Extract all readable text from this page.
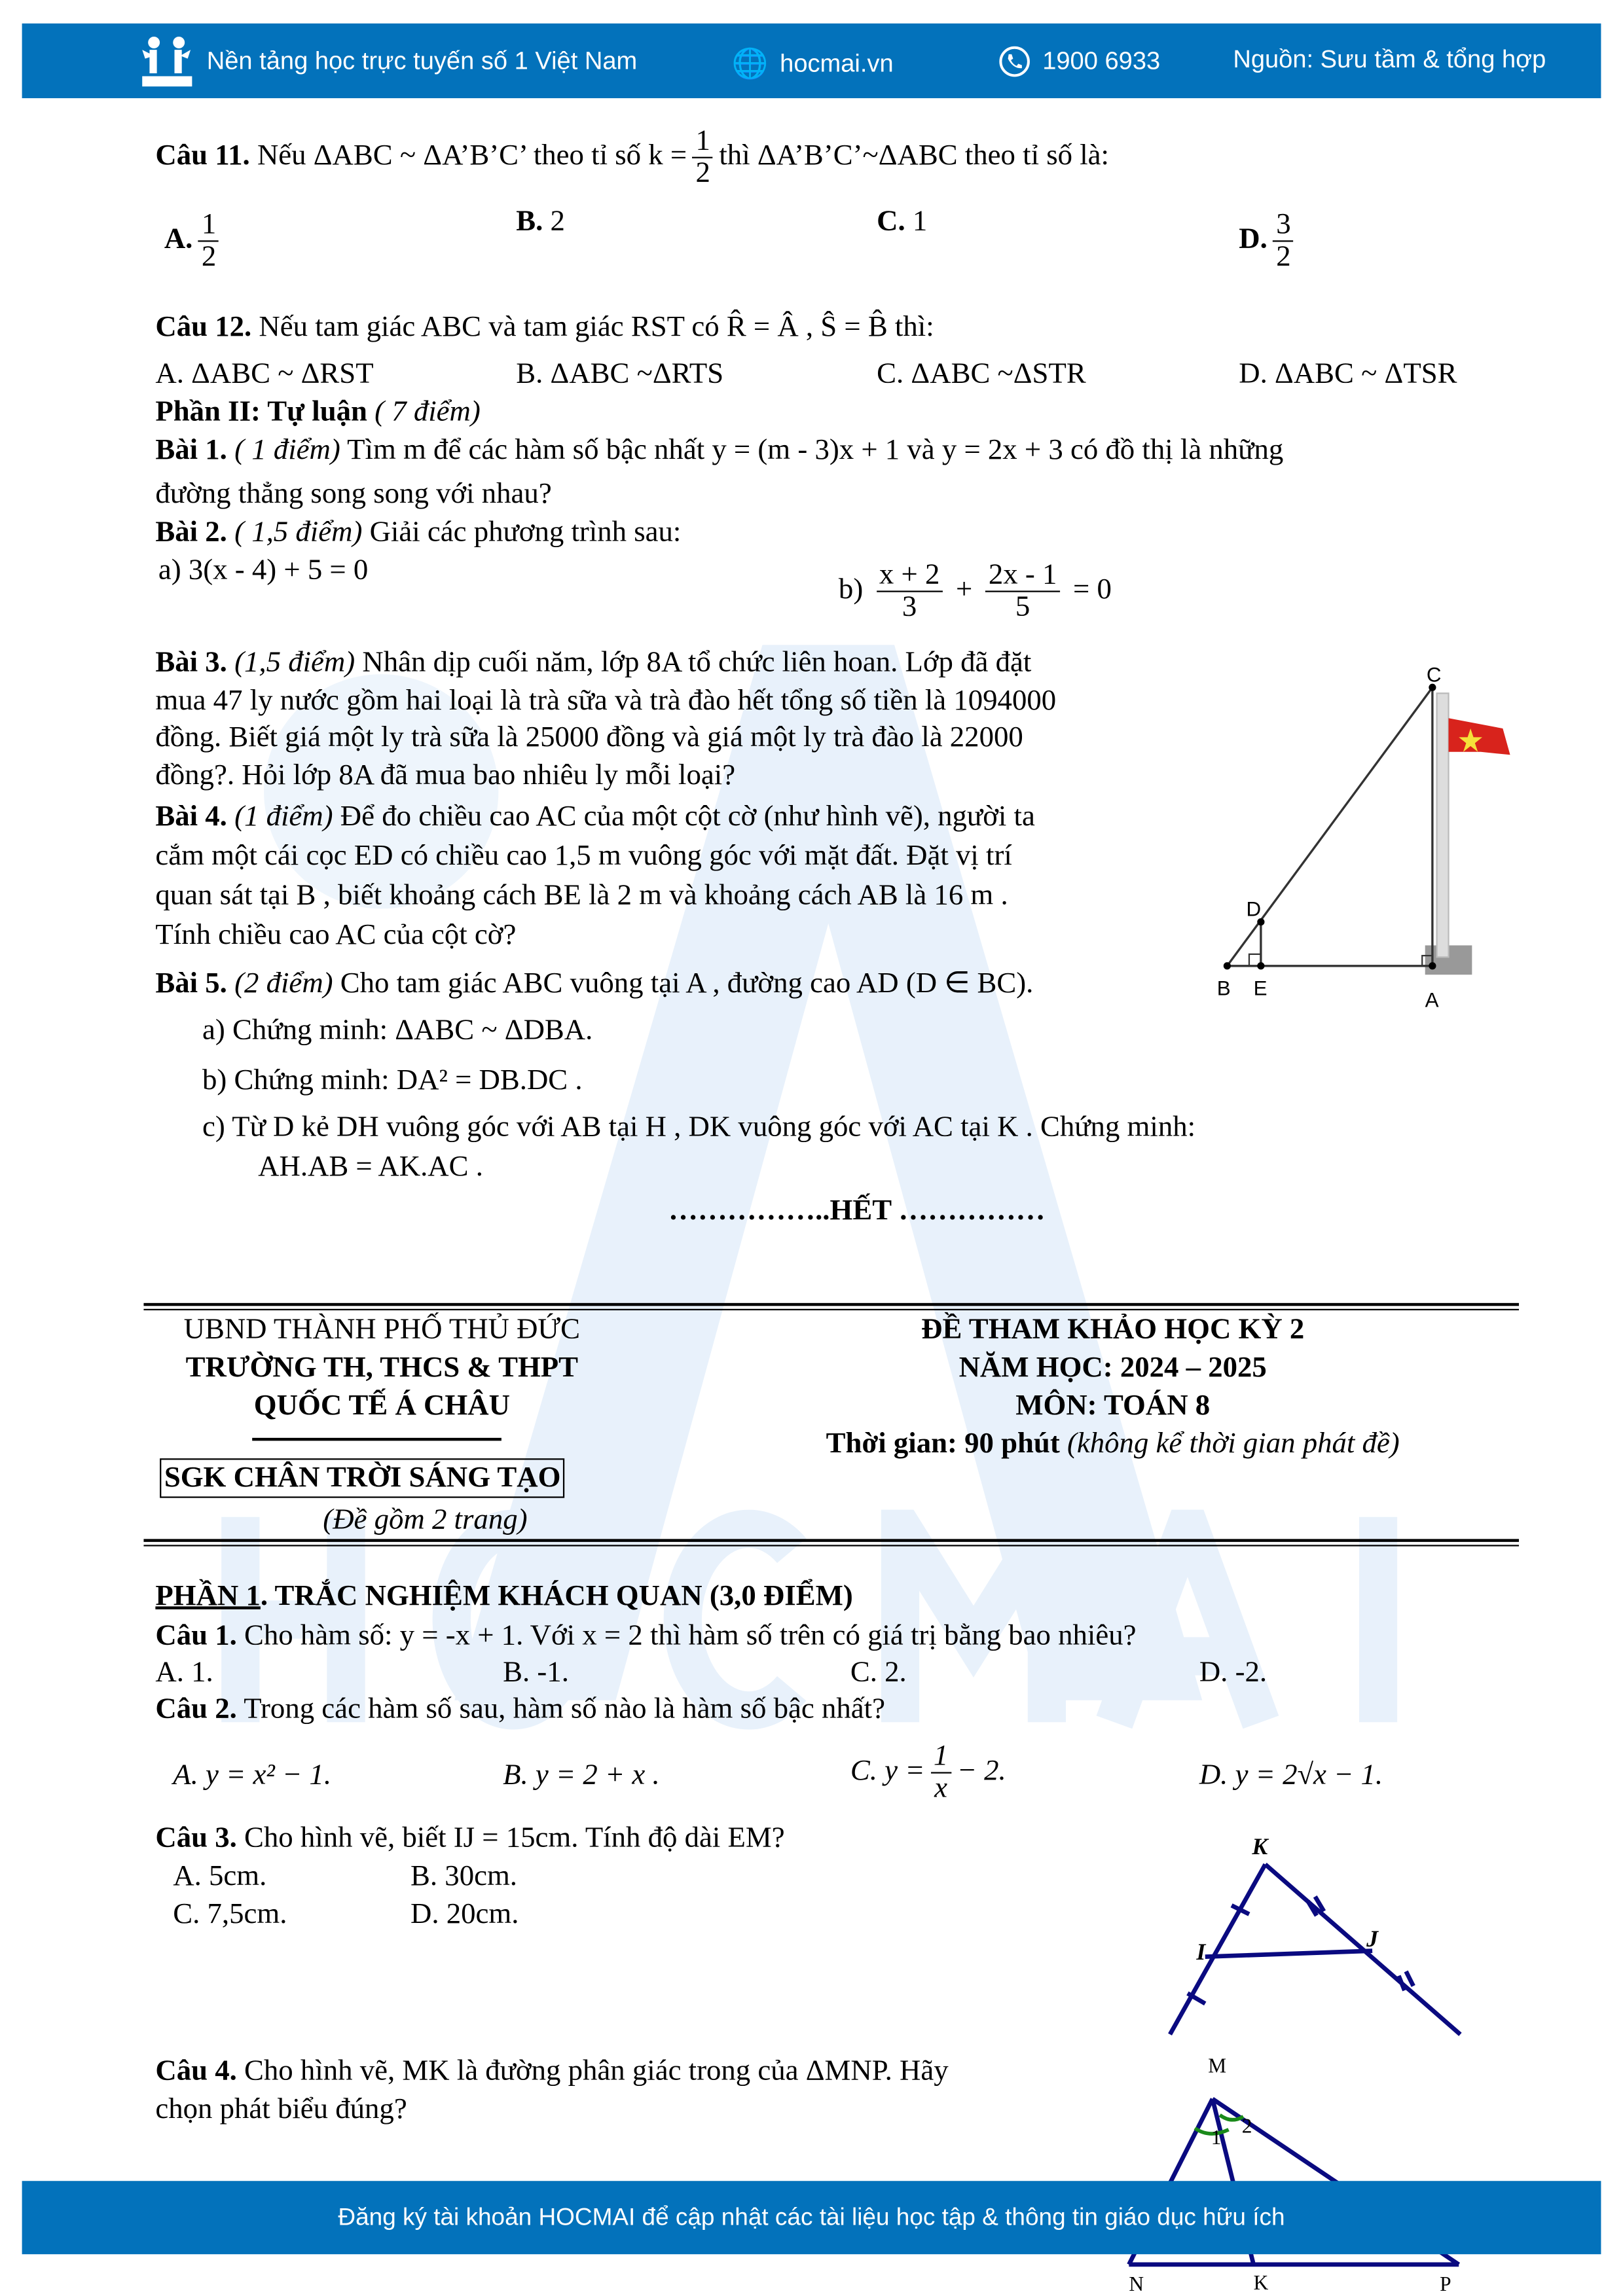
Nền tảng học trực tuyến số 1 Việt Nam	🌐 hocmai.vn	1900 6933	Nguồn: Sưu tầm & tổng hợp
Câu 11. Nếu ΔABC ~ ΔA’B’C’ theo tỉ số $k = \frac{1}{2}$ thì ΔA’B’C’~ΔABC theo tỉ số là:
A. $\frac{1}{2}$	B. 2	C. 1
D. $\frac{3}{2}$
Câu 12. Nếu tam giác ABC và tam giác RST có R̂ = Â , Ŝ = B̂ thì:
A. ΔABC ~ ΔRST	B. ΔABC ~ΔRTS	C. ΔABC ~ΔSTR	D. ΔABC ~ ΔTSR
Phần II: Tự luận ( 7 điểm)
Bài 1. ( 1 điểm) Tìm m để các hàm số bậc nhất y = (m - 3)x + 1 và y = 2x + 3 có đồ thị là những
đường thẳng song song với nhau?
Bài 2. ( 1,5 điểm) Giải các phương trình sau:
a) 3(x - 4) + 5 = 0
$b) \frac{x + 2}{3} + \frac{2x - 1}{5} = 0$
Bài 3. (1,5 điểm) Nhân dịp cuối năm, lớp 8A tổ chức liên hoan. Lớp đã đặt
mua 47 ly nước gồm hai loại là trà sữa và trà đào hết tổng số tiền là 1094000
đồng. Biết giá một ly trà sữa là 25000 đồng và giá một ly trà đào là 22000
đồng?. Hỏi lớp 8A đã mua bao nhiêu ly mỗi loại?
Bài 4. (1 điểm) Để đo chiều cao AC của một cột cờ (như hình vẽ), người ta
cắm một cái cọc ED có chiều cao 1,5 m vuông góc với mặt đất. Đặt vị trí
quan sát tại B , biết khoảng cách BE là 2 m và khoảng cách AB là 16 m .
Tính chiều cao AC của cột cờ?
C
D
B	E
A
Bài 5. (2 điểm) Cho tam giác ABC vuông tại A , đường cao AD (D ∈ BC).
a) Chứng minh: ΔABC ~ ΔDBA.
b) Chứng minh: DA² = DB.DC .
c) Từ D kẻ DH vuông góc với AB tại H , DK vuông góc với AC tại K . Chứng minh:
AH.AB = AK.AC .
……………..HẾT ……………
UBND THÀNH PHỐ THỦ ĐỨC
TRƯỜNG TH, THCS & THPT
QUỐC TẾ Á CHÂU
SGK CHÂN TRỜI SÁNG TẠO
(Đề gồm 2 trang)
ĐỀ THAM KHẢO HỌC KỲ 2
NĂM HỌC: 2024 – 2025
MÔN: TOÁN 8
Thời gian: 90 phút (không kể thời gian phát đề)
PHẦN 1. TRẮC NGHIỆM KHÁCH QUAN (3,0 ĐIỂM)
Câu 1. Cho hàm số: y = -x + 1. Với x = 2 thì hàm số trên có giá trị bằng bao nhiêu?
A. 1.	B. -1.	C. 2.	D. -2.
Câu 2. Trong các hàm số sau, hàm số nào là hàm số bậc nhất?
A. y = x² − 1.	B. y = 2 + x .	C. $y = \frac{1}{x} - 2$.	D. y = 2√x − 1.
Câu 3. Cho hình vẽ, biết IJ = 15cm. Tính độ dài EM?
A. 5cm.	B. 30cm.
C. 7,5cm.	D. 20cm.
K
I
J
Câu 4. Cho hình vẽ, MK là đường phân giác trong của ΔMNP. Hãy
chọn phát biểu đúng?
M
1
2
N	K	P
Đăng ký tài khoản HOCMAI để cập nhật các tài liệu học tập & thông tin giáo dục hữu ích
